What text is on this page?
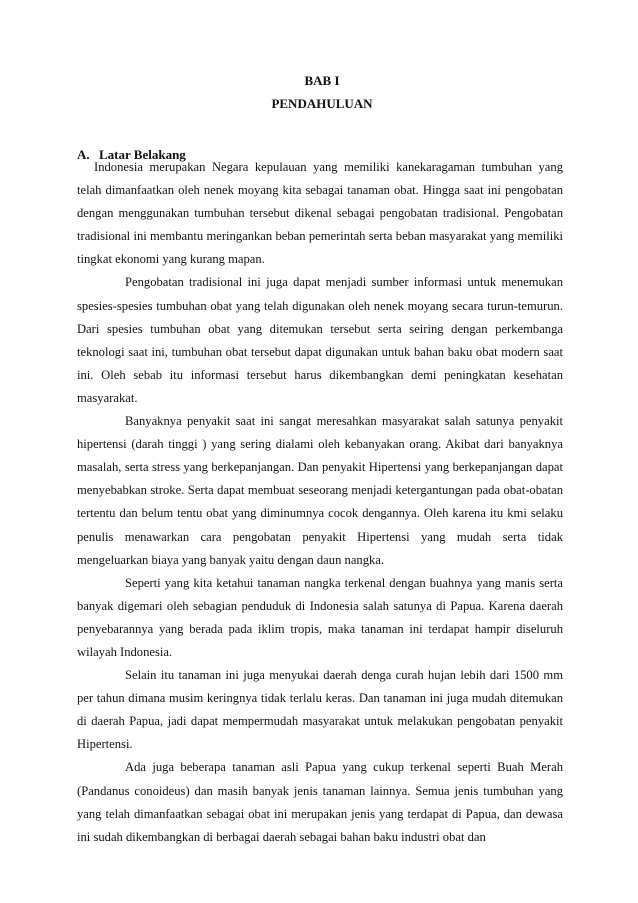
BAB I
PENDAHULUAN
A. Latar Belakang

Indonesia merupakan Negara kepulauan yang memiliki kanekaragaman tumbuhan yang telah dimanfaatkan oleh nenek moyang kita sebagai tanaman obat. Hingga saat ini pengobatan dengan menggunakan tumbuhan tersebut dikenal sebagai pengobatan tradisional. Pengobatan tradisional ini membantu meringankan beban pemerintah serta beban masyarakat yang memiliki tingkat ekonomi yang kurang mapan.

Pengobatan tradisional ini juga dapat menjadi sumber informasi untuk menemukan spesies-spesies tumbuhan obat yang telah digunakan oleh nenek moyang secara turun-temurun. Dari spesies tumbuhan obat yang ditemukan tersebut serta seiring dengan perkembanga teknologi saat ini, tumbuhan obat tersebut dapat digunakan untuk bahan baku obat modern saat ini. Oleh sebab itu informasi tersebut harus dikembangkan demi peningkatan kesehatan masyarakat.

Banyaknya penyakit saat ini sangat meresahkan masyarakat salah satunya penyakit hipertensi (darah tinggi ) yang sering dialami oleh kebanyakan orang. Akibat dari banyaknya masalah, serta stress yang berkepanjangan. Dan penyakit Hipertensi yang berkepanjangan dapat menyebabkan stroke. Serta dapat membuat seseorang menjadi ketergantungan pada obat-obatan tertentu dan belum tentu obat yang diminumnya cocok dengannya. Oleh karena itu kmi selaku penulis menawarkan cara pengobatan penyakit Hipertensi yang mudah serta tidak mengeluarkan biaya yang banyak yaitu dengan daun nangka.

Seperti yang kita ketahui tanaman nangka terkenal dengan buahnya yang manis serta banyak digemari oleh sebagian penduduk di Indonesia salah satunya di Papua. Karena daerah penyebarannya yang berada pada iklim tropis, maka tanaman ini terdapat hampir diseluruh wilayah Indonesia.

Selain itu tanaman ini juga menyukai daerah denga curah hujan lebih dari 1500 mm per tahun dimana musim keringnya tidak terlalu keras. Dan tanaman ini juga mudah ditemukan di daerah Papua, jadi dapat mempermudah masyarakat untuk melakukan pengobatan penyakit Hipertensi.

Ada juga beberapa tanaman asli Papua yang cukup terkenal seperti Buah Merah (Pandanus conoideus) dan masih banyak jenis tanaman lainnya. Semua jenis tumbuhan yang yang telah dimanfaatkan sebagai obat ini merupakan jenis yang terdapat di Papua, dan dewasa ini sudah dikembangkan di berbagai daerah sebagai bahan baku industri obat dan
